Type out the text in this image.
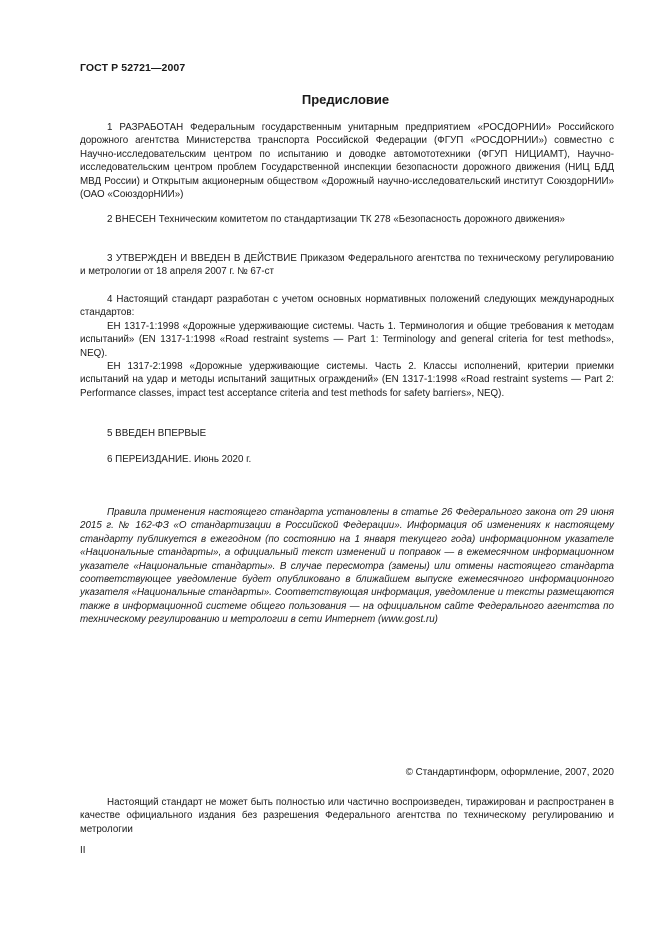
ГОСТ Р 52721—2007
Предисловие

1 РАЗРАБОТАН Федеральным государственным унитарным предприятием «РОСДОРНИИ» Российского дорожного агентства Министерства транспорта Российской Федерации (ФГУП «РОСДОРНИИ») совместно с Научно-исследовательским центром по испытанию и доводке автомототехники (ФГУП НИЦИАМТ), Научно-исследовательским центром проблем Государственной инспекции безопасности дорожного движения (НИЦ БДД МВД России) и Открытым акционерным обществом «Дорожный научно-исследовательский институт СоюздорНИИ» (ОАО «СоюздорНИИ»)

2 ВНЕСЕН Техническим комитетом по стандартизации ТК 278 «Безопасность дорожного движения»

3 УТВЕРЖДЕН И ВВЕДЕН В ДЕЙСТВИЕ Приказом Федерального агентства по техническому регулированию и метрологии от 18 апреля 2007 г. № 67-ст

4 Настоящий стандарт разработан с учетом основных нормативных положений следующих международных стандартов:

ЕН 1317-1:1998 «Дорожные удерживающие системы. Часть 1. Терминология и общие требования к методам испытаний» (EN 1317-1:1998 «Road restraint systems — Part 1: Terminology and general criteria for test methods», NEQ).

ЕН 1317-2:1998 «Дорожные удерживающие системы. Часть 2. Классы исполнений, критерии приемки испытаний на удар и методы испытаний защитных ограждений» (EN 1317-1:1998 «Road restraint systems — Part 2: Performance classes, impact test acceptance criteria and test methods for safety barriers», NEQ).

5 ВВЕДЕН ВПЕРВЫЕ

6 ПЕРЕИЗДАНИЕ. Июнь 2020 г.

Правила применения настоящего стандарта установлены в статье 26 Федерального закона от 29 июня 2015 г. № 162-ФЗ «О стандартизации в Российской Федерации». Информация об изменениях к настоящему стандарту публикуется в ежегодном (по состоянию на 1 января текущего года) информационном указателе «Национальные стандарты», а официальный текст изменений и поправок — в ежемесячном информационном указателе «Национальные стандарты». В случае пересмотра (замены) или отмены настоящего стандарта соответствующее уведомление будет опубликовано в ближайшем выпуске ежемесячного информационного указателя «Национальные стандарты». Соответствующая информация, уведомление и тексты размещаются также в информационной системе общего пользования — на официальном сайте Федерального агентства по техническому регулированию и метрологии в сети Интернет (www.gost.ru)

© Стандартинформ, оформление, 2007, 2020

Настоящий стандарт не может быть полностью или частично воспроизведен, тиражирован и распространен в качестве официального издания без разрешения Федерального агентства по техническому регулированию и метрологии

II
